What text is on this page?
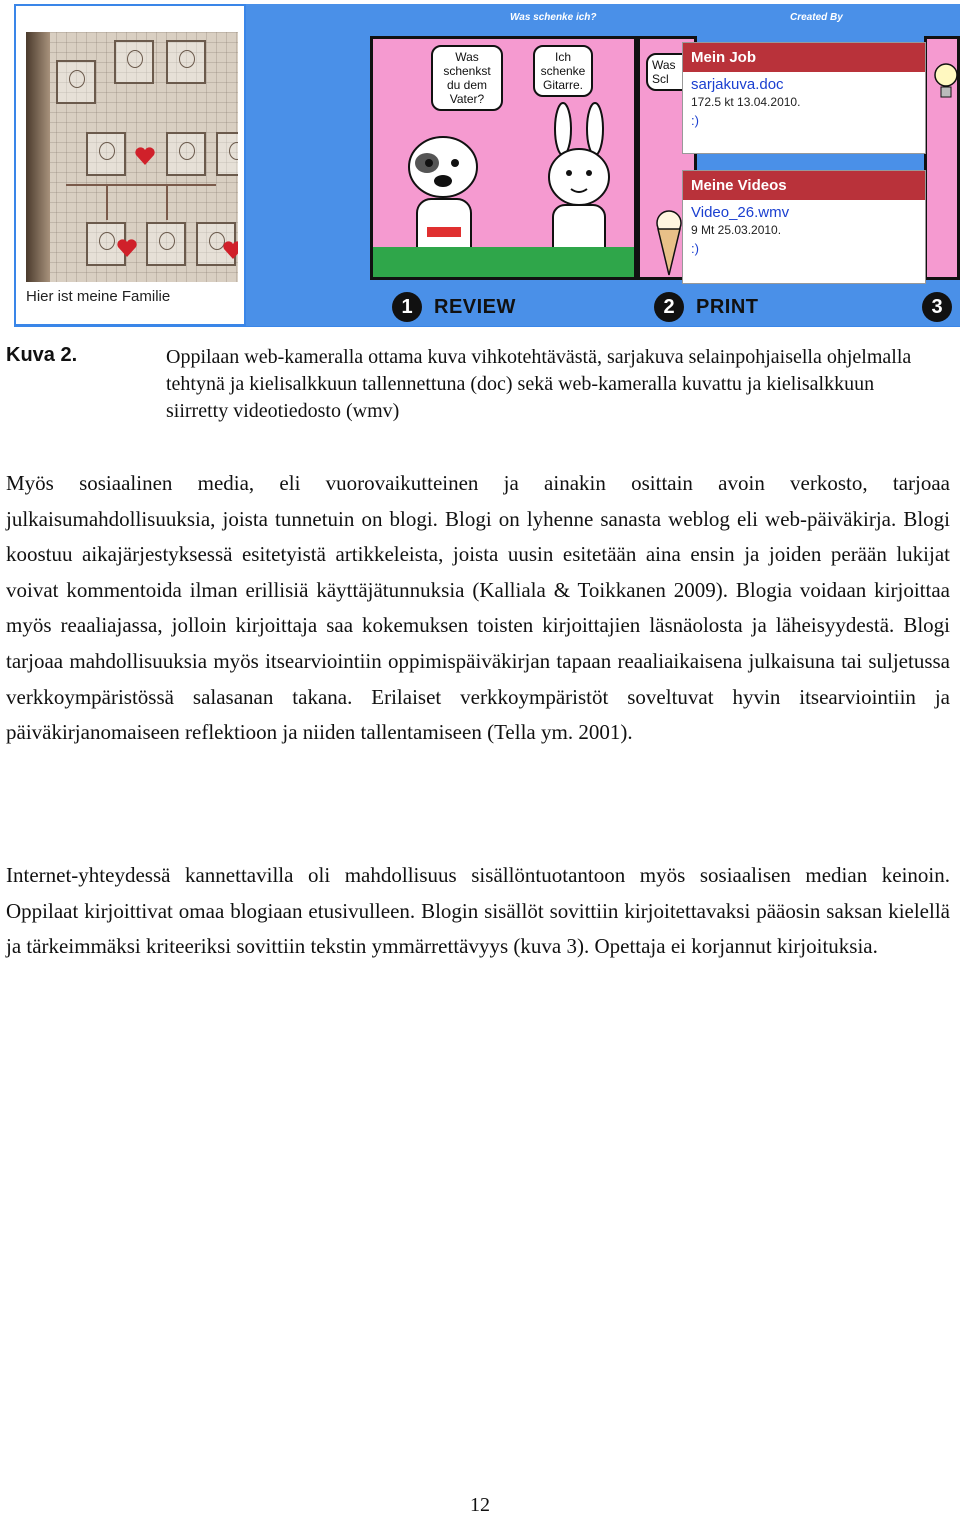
Hier ist meine Familie
Was schenke ich?	Created By
Was schenkst du dem Vater?
Ich schenke Gitarre.
Was Scl
Mein Job
sarjakuva.doc
172.5 kt 13.04.2010.
:)
Meine Videos
Video_26.wmv
9 Mt 25.03.2010.
:)
1	REVIEW	2	PRINT	3
Kuva 2.	Oppilaan web-kameralla ottama kuva vihkotehtävästä, sarjakuva selainpohjaisella ohjelmalla tehtynä ja kielisalkkuun tallennettuna (doc) sekä web-kameralla kuvattu ja kielisalkkuun siirretty videotiedosto (wmv)

Myös sosiaalinen media, eli vuorovaikutteinen ja ainakin osittain avoin verkosto, tarjoaa julkaisumahdollisuuksia, joista tunnetuin on blogi. Blogi on lyhenne sanasta weblog eli web-päiväkirja. Blogi koostuu aikajärjestyksessä esitetyistä artikkeleista, joista uusin esitetään aina ensin ja joiden perään lukijat voivat kommentoida ilman erillisiä käyttäjätunnuksia (Kalliala & Toikkanen 2009). Blogia voidaan kirjoittaa myös reaaliajassa, jolloin kirjoittaja saa kokemuksen toisten kirjoittajien läsnäolosta ja läheisyydestä. Blogi tarjoaa mahdollisuuksia myös itsearviointiin oppimispäiväkirjan tapaan reaaliaikaisena julkaisuna tai suljetussa verkkoympäristössä salasanan takana. Erilaiset verkkoympäristöt soveltuvat hyvin itsearviointiin ja päiväkirjanomaiseen reflektioon ja niiden tallentamiseen (Tella ym. 2001).

Internet-yhteydessä kannettavilla oli mahdollisuus sisällöntuotantoon myös sosiaalisen median keinoin. Oppilaat kirjoittivat omaa blogiaan etusivulleen. Blogin sisällöt sovittiin kirjoitettavaksi pääosin saksan kielellä ja tärkeimmäksi kriteeriksi sovittiin tekstin ymmärrettävyys (kuva 3). Opettaja ei korjannut kirjoituksia.

12
